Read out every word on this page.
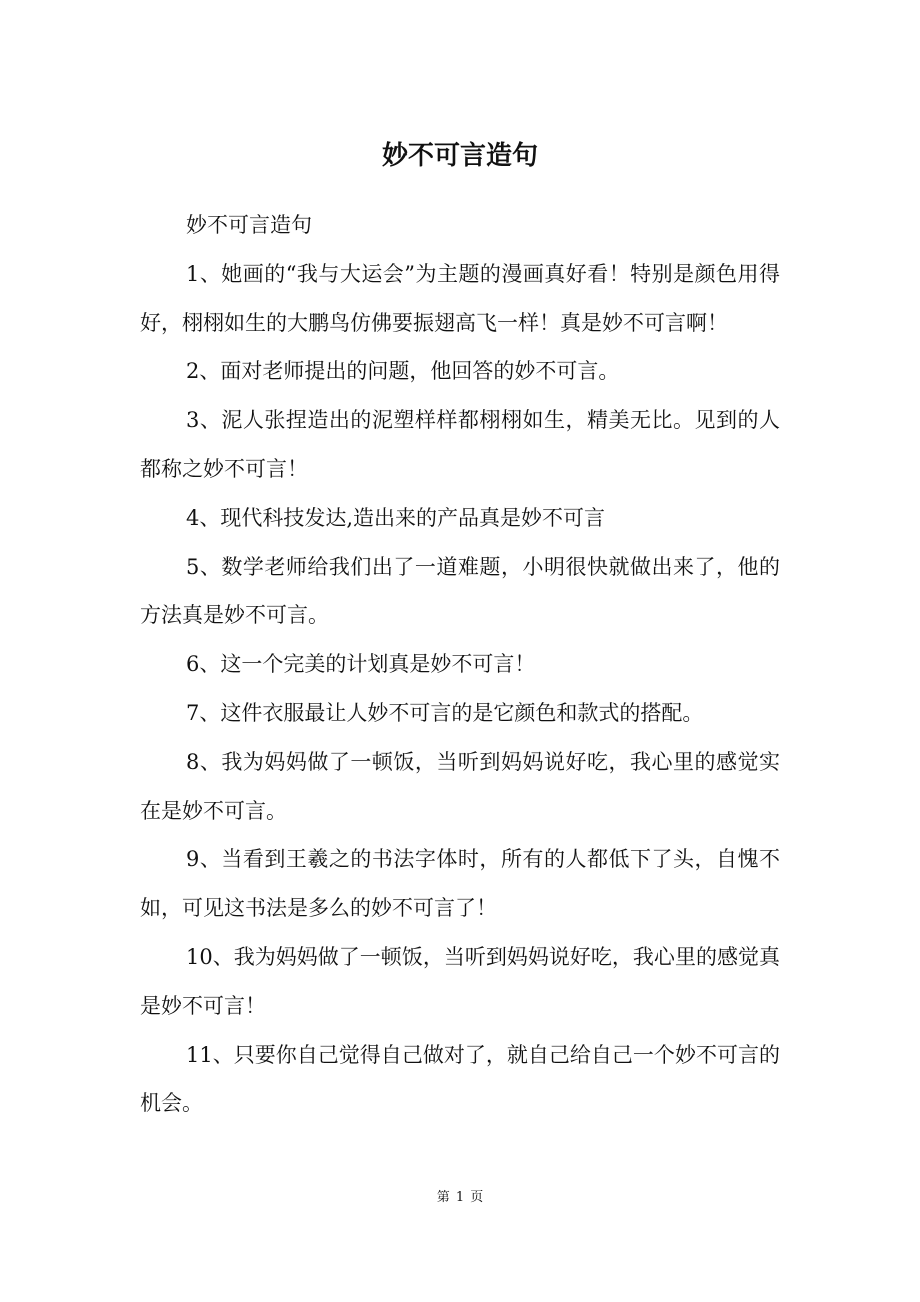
妙不可言造句

妙不可言造句

1、她画的“我与大运会”为主题的漫画真好看！特别是颜色用得好，栩栩如生的大鹏鸟仿佛要振翅高飞一样！真是妙不可言啊！

2、面对老师提出的问题，他回答的妙不可言。

3、泥人张捏造出的泥塑样样都栩栩如生，精美无比。见到的人都称之妙不可言！

4、现代科技发达,造出来的产品真是妙不可言

5、数学老师给我们出了一道难题，小明很快就做出来了，他的方法真是妙不可言。

6、这一个完美的计划真是妙不可言！

7、这件衣服最让人妙不可言的是它颜色和款式的搭配。

8、我为妈妈做了一顿饭，当听到妈妈说好吃，我心里的感觉实在是妙不可言。

9、当看到王羲之的书法字体时，所有的人都低下了头，自愧不如，可见这书法是多么的妙不可言了！

10、我为妈妈做了一顿饭，当听到妈妈说好吃，我心里的感觉真是妙不可言！

11、只要你自己觉得自己做对了，就自己给自己一个妙不可言的机会。

第 1 页
